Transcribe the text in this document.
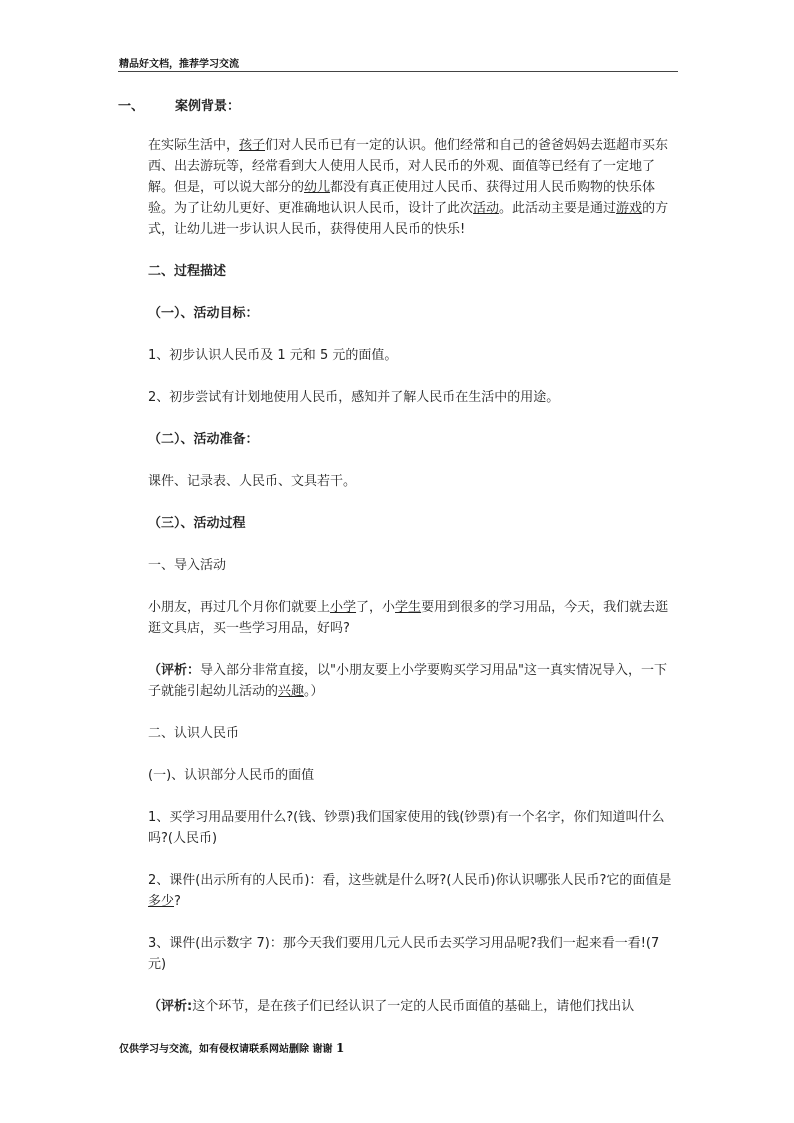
精品好文档，推荐学习交流

一、	案例背景：

在实际生活中，孩子们对人民币已有一定的认识。他们经常和自己的爸爸妈妈去逛超市买东西、出去游玩等，经常看到大人使用人民币，对人民币的外观、面值等已经有了一定地了解。但是，可以说大部分的幼儿都没有真正使用过人民币、获得过用人民币购物的快乐体验。为了让幼儿更好、更准确地认识人民币，设计了此次活动。此活动主要是通过游戏的方式，让幼儿进一步认识人民币，获得使用人民币的快乐!

二、过程描述

（一）、活动目标：

1、初步认识人民币及 1 元和 5 元的面值。

2、初步尝试有计划地使用人民币，感知并了解人民币在生活中的用途。

（二）、活动准备：

课件、记录表、人民币、文具若干。

（三）、活动过程

一、导入活动

小朋友，再过几个月你们就要上小学了，小学生要用到很多的学习用品，今天，我们就去逛逛文具店，买一些学习用品，好吗?

（评析：导入部分非常直接，以"小朋友要上小学要购买学习用品"这一真实情况导入，一下子就能引起幼儿活动的兴趣。）

二、认识人民币

(一)、认识部分人民币的面值

1、买学习用品要用什么?(钱、钞票)我们国家使用的钱(钞票)有一个名字，你们知道叫什么吗?(人民币)

2、课件(出示所有的人民币)：看，这些就是什么呀?(人民币)你认识哪张人民币?它的面值是多少?

3、课件(出示数字 7)：那今天我们要用几元人民币去买学习用品呢?我们一起来看一看!(7 元)

（评析:这个环节，是在孩子们已经认识了一定的人民币面值的基础上，请他们找出认

仅供学习与交流，如有侵权请联系网站删除 谢谢 1
